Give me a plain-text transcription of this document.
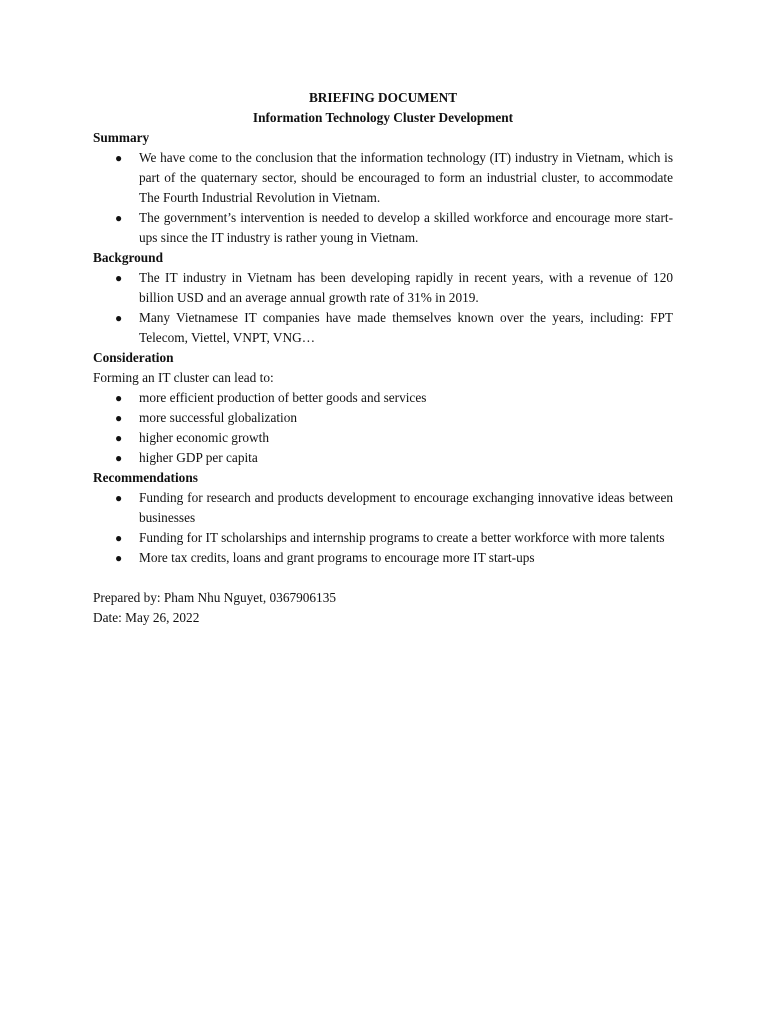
BRIEFING DOCUMENT
Information Technology Cluster Development
Summary
● We have come to the conclusion that the information technology (IT) industry in Vietnam, which is part of the quaternary sector, should be encouraged to form an industrial cluster, to accommodate The Fourth Industrial Revolution in Vietnam.
● The government’s intervention is needed to develop a skilled workforce and encourage more start-ups since the IT industry is rather young in Vietnam.
Background
● The IT industry in Vietnam has been developing rapidly in recent years, with a revenue of 120 billion USD and an average annual growth rate of 31% in 2019.
● Many Vietnamese IT companies have made themselves known over the years, including: FPT Telecom, Viettel, VNPT, VNG…
Consideration

Forming an IT cluster can lead to:

● more efficient production of better goods and services
● more successful globalization
● higher economic growth
● higher GDP per capita
Recommendations
● Funding for research and products development to encourage exchanging innovative ideas between businesses
● Funding for IT scholarships and internship programs to create a better workforce with more talents
● More tax credits, loans and grant programs to encourage more IT start-ups

Prepared by: Pham Nhu Nguyet, 0367906135

Date: May 26, 2022
